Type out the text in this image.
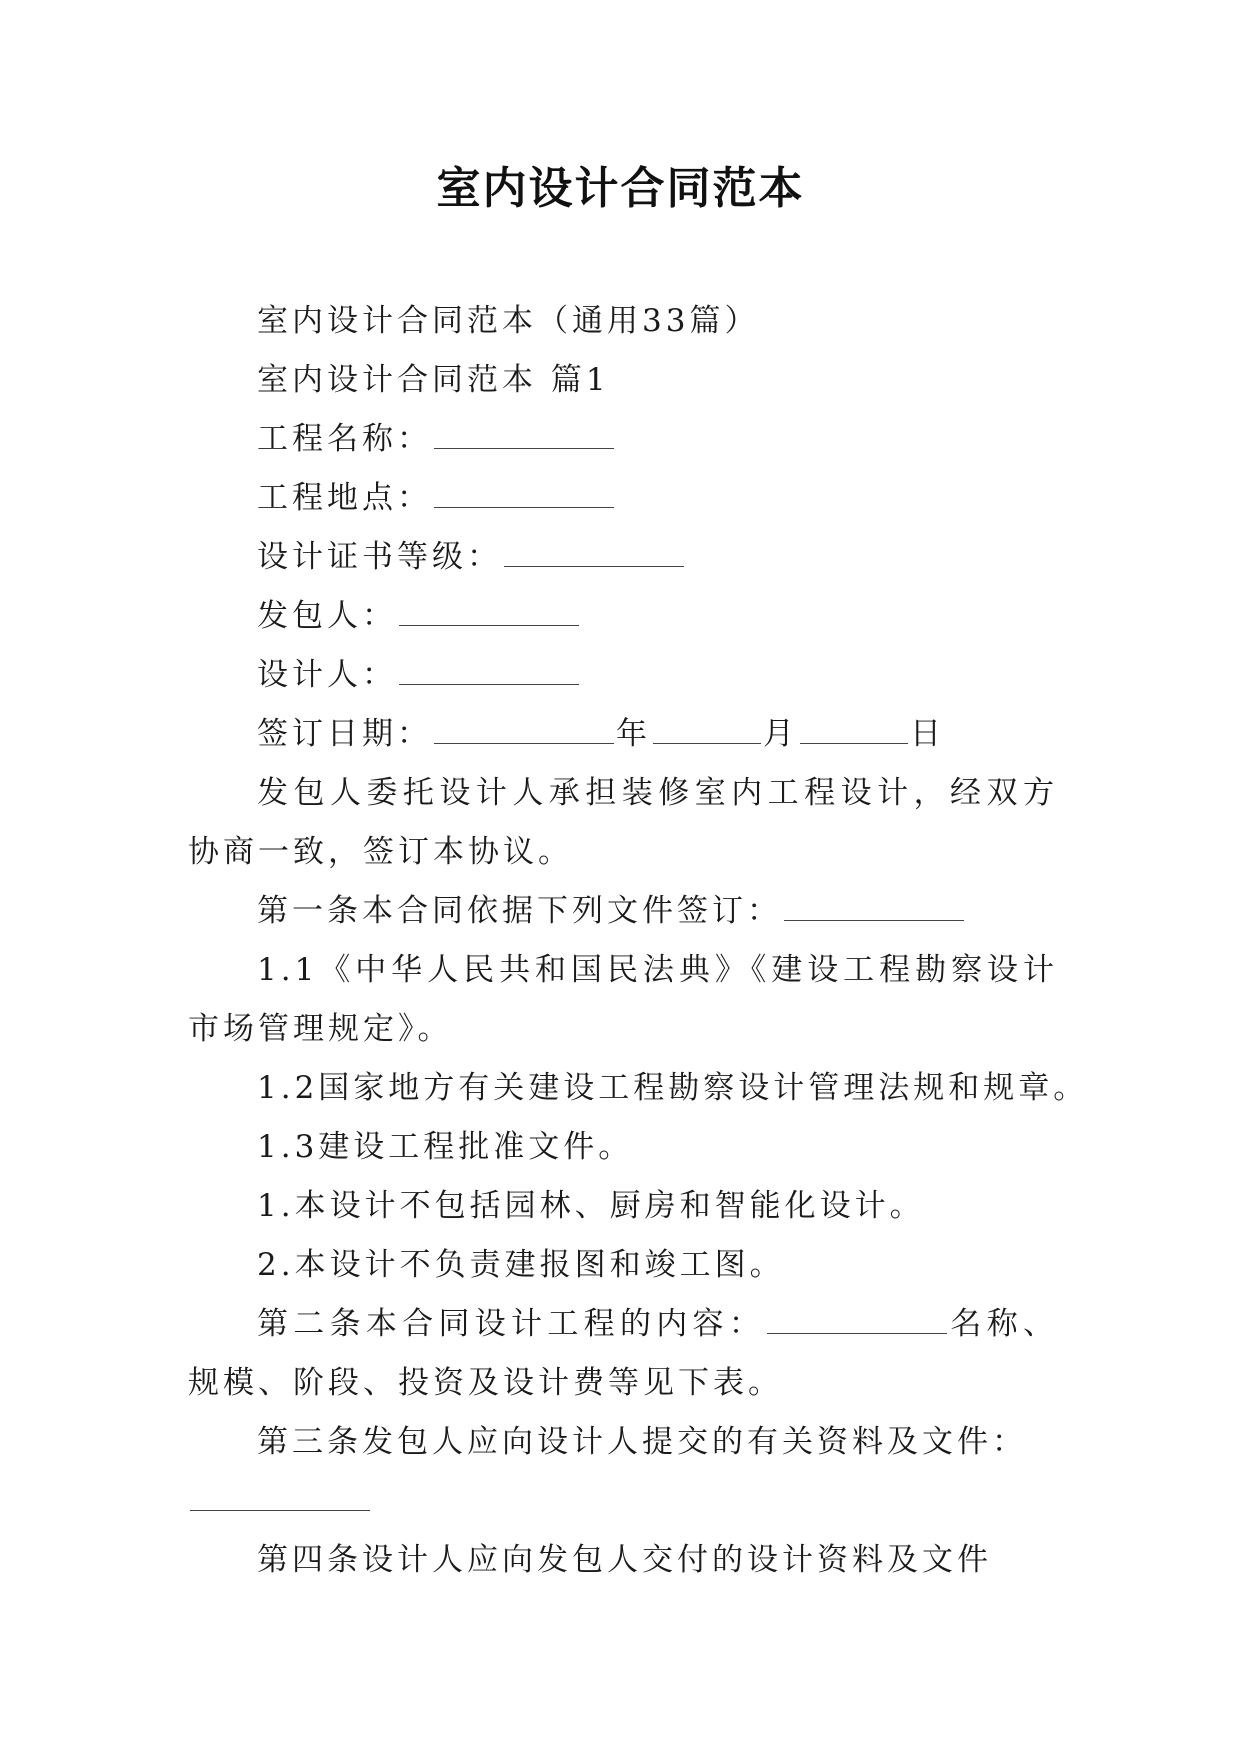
室内设计合同范本

室内设计合同范本（通用33篇）

室内设计合同范本 篇1

工程名称：

工程地点：

设计证书等级：

发包人：

设计人：

签订日期：	年	月	日

发包人委托设计人承担装修室内工程设计，经双方协商一致，签订本协议。

第一条本合同依据下列文件签订：

1.1《中华人民共和国民法典》《建设工程勘察设计市场管理规定》。

1.2国家地方有关建设工程勘察设计管理法规和规章。

1.3建设工程批准文件。

1.本设计不包括园林、厨房和智能化设计。

2.本设计不负责建报图和竣工图。

第二条本合同设计工程的内容：	名称、规模、阶段、投资及设计费等见下表。

第三条发包人应向设计人提交的有关资料及文件：

第四条设计人应向发包人交付的设计资料及文件
